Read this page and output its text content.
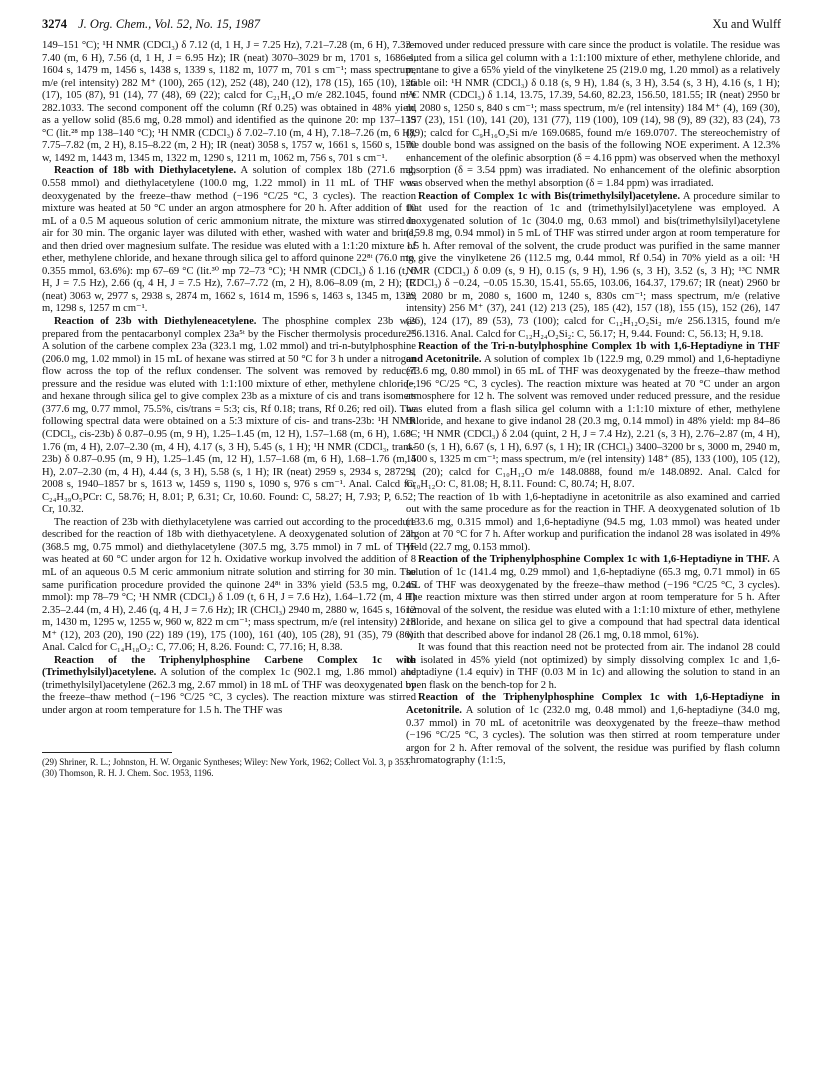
3274 J. Org. Chem., Vol. 52, No. 15, 1987	Xu and Wulff

149–151 °C); ¹H NMR (CDCl₃) δ 7.12 (d, 1 H, J = 7.25 Hz), 7.21–7.28 (m, 6 H), 7.33–7.40 (m, 6 H), 7.56 (d, 1 H, J = 6.95 Hz); IR (neat) 3070–3029 br m, 1701 s, 1686 s, 1604 s, 1479 m, 1456 s, 1438 s, 1339 s, 1182 m, 1077 m, 701 s cm⁻¹; mass spectrum, m/e (rel intensity) 282 M⁺ (100), 265 (12), 252 (48), 240 (12), 178 (15), 165 (10), 126 (17), 105 (87), 91 (14), 77 (48), 69 (22); calcd for C₂₁H₁₄O m/e 282.1045, found m/e 282.1033. The second component off the column (Rf 0.25) was obtained in 48% yield as a yellow solid (85.6 mg, 0.28 mmol) and identified as the quinone 20: mp 137–139 °C (lit.²⁸ mp 138–140 °C); ¹H NMR (CDCl₃) δ 7.02–7.10 (m, 4 H), 7.18–7.26 (m, 6 H), 7.75–7.82 (m, 2 H), 8.15–8.22 (m, 2 H); IR (neat) 3058 s, 1757 w, 1661 s, 1560 s, 1570 w, 1492 m, 1443 m, 1345 m, 1322 m, 1290 s, 1211 m, 1062 m, 756 s, 701 s cm⁻¹.

Reaction of 18b with Diethylacetylene. A solution of complex 18b (271.6 mg, 0.558 mmol) and diethylacetylene (100.0 mg, 1.22 mmol) in 11 mL of THF was deoxygenated by the freeze–thaw method (−196 °C/25 °C, 3 cycles). The reaction mixture was heated at 50 °C under an argon atmosphere for 20 h. After addition of 10 mL of a 0.5 M aqueous solution of ceric ammonium nitrate, the mixture was stirred in air for 30 min. The organic layer was diluted with ether, washed with water and brine, and then dried over magnesium sulfate. The residue was eluted with a 1:1:20 mixture of ether, methylene chloride, and hexane through silica gel to afford quinone 22⁸ᵗ (76.0 mg, 0.355 mmol, 63.6%): mp 67–69 °C (lit.³⁰ mp 72–73 °C); ¹H NMR (CDCl₃) δ 1.16 (t, 6 H, J = 7.5 Hz), 2.66 (q, 4 H, J = 7.5 Hz), 7.67–7.72 (m, 2 H), 8.06–8.09 (m, 2 H); IR (neat) 3063 w, 2977 s, 2938 s, 2874 m, 1662 s, 1614 m, 1596 s, 1463 s, 1345 m, 1329 m, 1298 s, 1257 m cm⁻¹.

Reaction of 23b with Diethyleneacetylene. The phosphine complex 23b was prepared from the pentacarbonyl complex 23a⁵ᵗ by the Fischer thermolysis procedure.⁶ᵈ A solution of the carbene complex 23a (323.1 mg, 1.02 mmol) and tri-n-butylphosphine (206.0 mg, 1.02 mmol) in 15 mL of hexane was stirred at 50 °C for 3 h under a nitrogen flow across the top of the reflux condenser. The solvent was removed by reduced pressure and the residue was eluted with 1:1:100 mixture of ether, methylene chloride, and hexane through silica gel to give complex 23b as a mixture of cis and trans isomers (377.6 mg, 0.77 mmol, 75.5%, cis/trans = 5:3; cis, Rf 0.18; trans, Rf 0.26; red oil). The following spectral data were obtained on a 5:3 mixture of cis- and trans-23b: ¹H NMR (CDCl₃, cis-23b) δ 0.87–0.95 (m, 9 H), 1.25–1.45 (m, 12 H), 1.57–1.68 (m, 6 H), 1.68–1.76 (m, 4 H), 2.07–2.30 (m, 4 H), 4.17 (s, 3 H), 5.45 (s, 1 H); ¹H NMR (CDCl₃, trans-23b) δ 0.87–0.95 (m, 9 H), 1.25–1.45 (m, 12 H), 1.57–1.68 (m, 6 H), 1.68–1.76 (m, 4 H), 2.07–2.30 (m, 4 H), 4.44 (s, 3 H), 5.58 (s, 1 H); IR (neat) 2959 s, 2934 s, 2872 s, 2008 s, 1940–1857 br s, 1613 w, 1459 s, 1190 s, 1090 s, 976 s cm⁻¹. Anal. Calcd for C₂₄H₃₉O₅PCr: C, 58.76; H, 8.01; P, 6.31; Cr, 10.60. Found: C, 58.27; H, 7.93; P, 6.52; Cr, 10.32.

The reaction of 23b with diethylacetylene was carried out according to the procedure described for the reaction of 18b with diethyacetylene. A deoxygenated solution of 23b (368.5 mg, 0.75 mmol) and diethylacetylene (307.5 mg, 3.75 mmol) in 7 mL of THF was heated at 60 °C under argon for 12 h. Oxidative workup involved the addition of 8 mL of an aqueous 0.5 M ceric ammonium nitrate solution and stirring for 30 min. The same purification procedure provided the quinone 24⁸ᵗ in 33% yield (53.5 mg, 0.245 mmol): mp 78–79 °C; ¹H NMR (CDCl₃) δ 1.09 (t, 6 H, J = 7.6 Hz), 1.64–1.72 (m, 4 H) 2.35–2.44 (m, 4 H), 2.46 (q, 4 H, J = 7.6 Hz); IR (CHCl₃) 2940 m, 2880 w, 1645 s, 1612 m, 1430 m, 1295 w, 1255 w, 960 w, 822 m cm⁻¹; mass spectrum, m/e (rel intensity) 218 M⁺ (12), 203 (20), 190 (22) 189 (19), 175 (100), 161 (40), 105 (28), 91 (35), 79 (80). Anal. Calcd for C₁₄H₁₈O₂: C, 77.06; H, 8.26. Found: C, 77.16; H, 8.38.

Reaction of the Triphenylphosphine Carbene Complex 1c with (Trimethylsilyl)acetylene. A solution of the complex 1c (902.1 mg, 1.86 mmol) and (trimethylsilyl)acetylene (262.3 mg, 2.67 mmol) in 18 mL of THF was deoxygenated by the freeze–thaw method (−196 °C/25 °C, 3 cycles). The reaction mixture was stirred under argon at room temperature for 1.5 h. The THF was

(29) Shriner, R. L.; Johnston, H. W. Organic Syntheses; Wiley: New York, 1962; Collect Vol. 3, p 353.

(30) Thomson, R. H. J. Chem. Soc. 1953, 1196.

removed under reduced pressure with care since the product is volatile. The residue was eluted from a silica gel column with a 1:1:100 mixture of ether, methylene chloride, and pentane to give a 65% yield of the vinylketene 25 (219.0 mg, 1.20 mmol) as a relatively stable oil: ¹H NMR (CDCl₃) δ 0.18 (s, 9 H), 1.84 (s, 3 H), 3.54 (s, 3 H), 4.16 (s, 1 H); ¹³C NMR (CDCl₃) δ 1.14, 13.75, 17.39, 54.60, 82.23, 156.50, 181.55; IR (neat) 2950 br m, 2080 s, 1250 s, 840 s cm⁻¹; mass spectrum, m/e (rel intensity) 184 M⁺ (4), 169 (30), 157 (23), 151 (10), 141 (20), 131 (77), 119 (100), 109 (14), 98 (9), 89 (32), 83 (24), 73 (89); calcd for C₉H₁₆O₂Si m/e 169.0685, found m/e 169.0707. The stereochemistry of the double bond was assigned on the basis of the following NOE experiment. A 12.3% enhancement of the olefinic absorption (δ = 4.16 ppm) was observed when the methoxyl absorption (δ = 3.54 ppm) was irradiated. No enhancement of the olefinic absorption was observed when the methyl absorption (δ = 1.84 ppm) was irradiated.

Reaction of Complex 1c with Bis(trimethylsilyl)acetylene. A procedure similar to that used for the reaction of 1c and (trimethylsilyl)acetylene was employed. A deoxygenated solution of 1c (304.0 mg, 0.63 mmol) and bis(trimethylsilyl)acetylene (159.8 mg, 0.94 mmol) in 5 mL of THF was stirred under argon at room temperature for 1.5 h. After removal of the solvent, the crude product was purified in the same manner to give the vinylketene 26 (112.5 mg, 0.44 mmol, Rf 0.54) in 70% yield as a oil: ¹H NMR (CDCl₃) δ 0.09 (s, 9 H), 0.15 (s, 9 H), 1.96 (s, 3 H), 3.52 (s, 3 H); ¹³C NMR (CDCl₃) δ −0.24, −0.05 15.30, 15.41, 55.65, 103.06, 164.37, 179.67; IR (neat) 2960 br m, 2080 br m, 2080 s, 1600 m, 1240 s, 830s cm⁻¹; mass spectrum, m/e (relative intensity) 256 M⁺ (37), 241 (12) 213 (25), 185 (42), 157 (18), 155 (15), 152 (26), 147 (26), 124 (17), 89 (53), 73 (100); calcd for C₁₂H₁₂O₂Si₂ m/e 256.1315, found m/e 256.1316. Anal. Calcd for C₁₂H₂₄O₂Si₂: C, 56.17; H, 9.44. Found: C, 56.13; H, 9.18.

Reaction of the Tri-n-butylphosphine Complex 1b with 1,6-Heptadiyne in THF and Acetonitrile. A solution of complex 1b (122.9 mg, 0.29 mmol) and 1,6-heptadiyne (73.6 mg, 0.80 mmol) in 65 mL of THF was deoxygenated by the freeze–thaw method (−196 °C/25 °C, 3 cycles). The reaction mixture was heated at 70 °C under an argon atmosphere for 12 h. The solvent was removed under reduced pressure, and the residue was eluted from a flash silica gel column with a 1:1:10 mixture of ether, methylene chloride, and hexane to give indanol 28 (20.3 mg, 0.14 mmol) in 48% yield: mp 84–86 °C; ¹H NMR (CDCl₃) δ 2.04 (quint, 2 H, J = 7.4 Hz), 2.21 (s, 3 H), 2.76–2.87 (m, 4 H), 4.50 (s, 1 H), 6.67 (s, 1 H), 6.97 (s, 1 H); IR (CHCl₃) 3400–3200 br s, 3000 m, 2940 m, 1500 s, 1325 m cm⁻¹; mass spectrum, m/e (rel intensity) 148⁺ (85), 133 (100), 105 (12), 91 (20); calcd for C₁₀H₁₂O m/e 148.0888, found m/e 148.0892. Anal. Calcd for C₁₀H₁₂O: C, 81.08; H, 8.11. Found: C, 80.74; H, 8.07.

The reaction of 1b with 1,6-heptadiyne in acetonitrile as also examined and carried out with the same procedure as for the reaction in THF. A deoxygenated solution of 1b (133.6 mg, 0.315 mmol) and 1,6-heptadiyne (94.5 mg, 1.03 mmol) was heated under argon at 70 °C for 7 h. After workup and purification the indanol 28 was isolated in 49% yield (22.7 mg, 0.153 mmol).

Reaction of the Triphenylphosphine Complex 1c with 1,6-Heptadiyne in THF. A solution of 1c (141.4 mg, 0.29 mmol) and 1,6-heptadiyne (65.3 mg, 0.71 mmol) in 65 mL of THF was deoxygenated by the freeze–thaw method (−196 °C/25 °C, 3 cycles). The reaction mixture was then stirred under argon at room temperature for 5 h. After removal of the solvent, the residue was eluted with a 1:1:10 mixture of ether, methylene chloride, and hexane on silica gel to give a compound that had spectral data identical with that described above for indanol 28 (26.1 mg, 0.18 mmol, 61%).

It was found that this reaction need not be protected from air. The indanol 28 could be isolated in 45% yield (not optimized) by simply dissolving complex 1c and 1,6-heptadiyne (1.4 equiv) in THF (0.03 M in 1c) and allowing the solution to stand in an open flask on the bench-top for 2 h.

Reaction of the Triphenylphosphine Complex 1c with 1,6-Heptadiyne in Acetonitrile. A solution of 1c (232.0 mg, 0.48 mmol) and 1,6-heptadiyne (34.0 mg, 0.37 mmol) in 70 mL of acetonitrile was deoxygenated by the freeze–thaw method (−196 °C/25 °C, 3 cycles). The solution was then stirred at room temperature under argon for 2 h. After removal of the solvent, the residue was purified by flash column chromatography (1:1:5,
